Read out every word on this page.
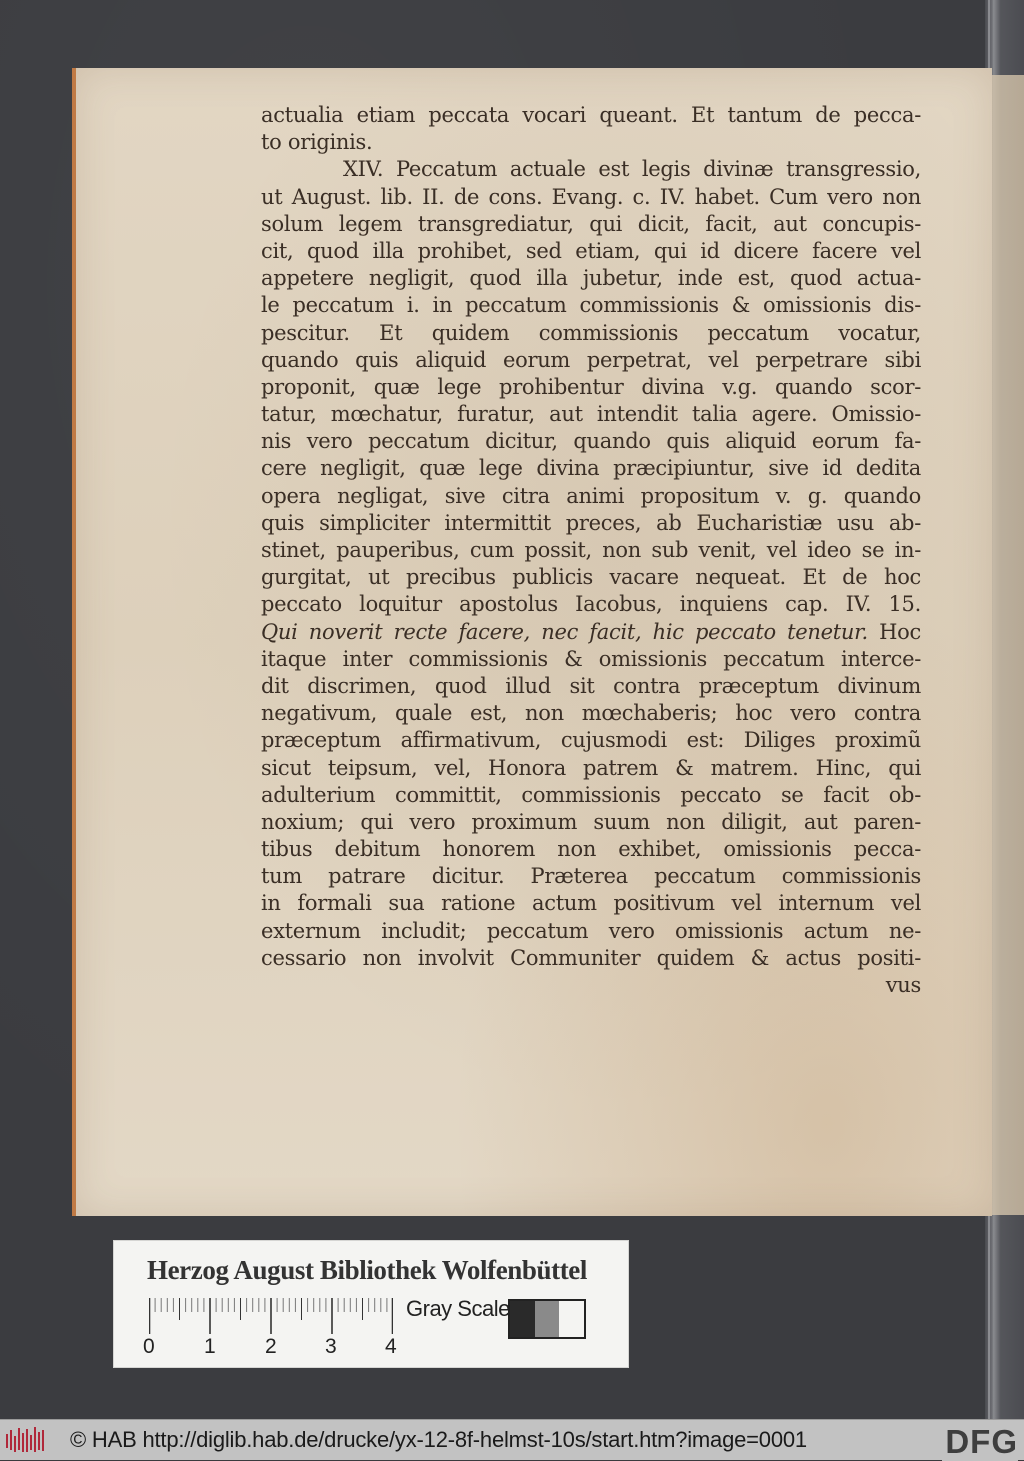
actualia etiam peccata vocari queant. Et tantum de pecca-
to originis.
XIV. Peccatum actuale est legis divinæ transgressio,
ut August. lib. II. de cons. Evang. c. IV. habet. Cum vero non
solum legem transgrediatur, qui dicit, facit, aut concupis-
cit, quod illa prohibet, sed etiam, qui id dicere facere vel
appetere negligit, quod illa jubetur, inde est, quod actua-
le peccatum i. in peccatum commissionis & omissionis dis-
pescitur. Et quidem commissionis peccatum vocatur,
quando quis aliquid eorum perpetrat, vel perpetrare sibi
proponit, quæ lege prohibentur divina v.g. quando scor-
tatur, mœchatur, furatur, aut intendit talia agere. Omissio-
nis vero peccatum dicitur, quando quis aliquid eorum fa-
cere negligit, quæ lege divina præcipiuntur, sive id dedita
opera negligat, sive citra animi propositum v. g. quando
quis simpliciter intermittit preces, ab Eucharistiæ usu ab-
stinet, pauperibus, cum possit, non sub venit, vel ideo se in-
gurgitat, ut precibus publicis vacare nequeat. Et de hoc
peccato loquitur apostolus Iacobus, inquiens cap. IV. 15.
Qui noverit recte facere, nec facit, hic peccato tenetur. Hoc
itaque inter commissionis & omissionis peccatum interce-
dit discrimen, quod illud sit contra præceptum divinum
negativum, quale est, non mœchaberis; hoc vero contra
præceptum affirmativum, cujusmodi est: Diliges proximũ
sicut teipsum, vel, Honora patrem & matrem. Hinc, qui
adulterium committit, commissionis peccato se facit ob-
noxium; qui vero proximum suum non diligit, aut paren-
tibus debitum honorem non exhibet, omissionis pecca-
tum patrare dicitur. Præterea peccatum commissionis
in formali sua ratione actum positivum vel internum vel
externum includit; peccatum vero omissionis actum ne-
cessario non involvit Communiter quidem & actus positi-
vus
Herzog August Bibliothek Wolfenbüttel
0 1 2 3 4
Gray Scale
© HAB http://diglib.hab.de/drucke/yx-12-8f-helmst-10s/start.htm?image=0001	DFG
